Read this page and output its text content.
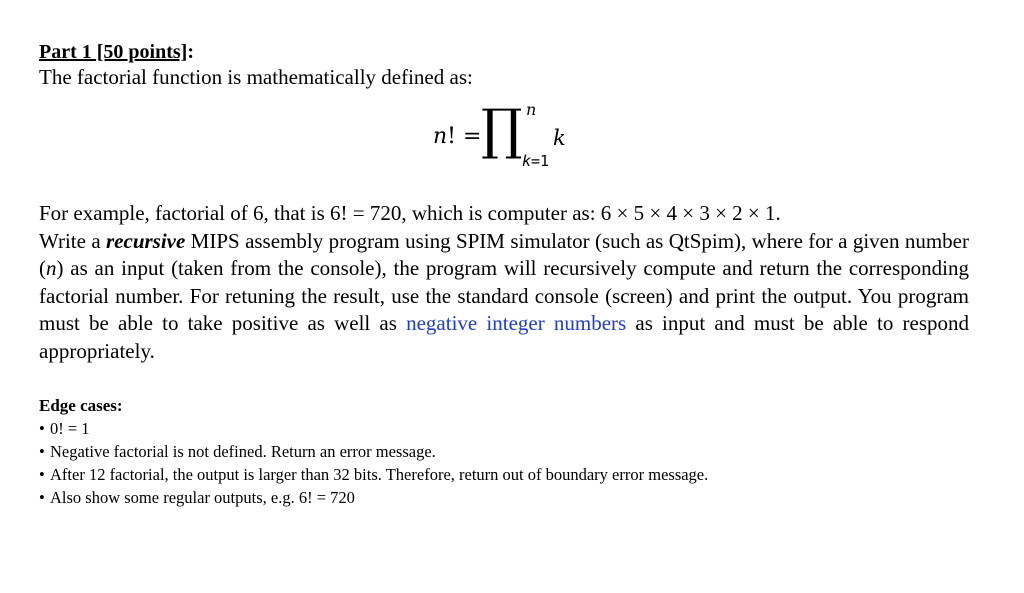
Part 1 [50 points]:

The factorial function is mathematically defined as:

n! = ∏ n
k=1
k

For example, factorial of 6, that is 6! = 720, which is computer as: 6 × 5 × 4 × 3 × 2 × 1.

Write a recursive MIPS assembly program using SPIM simulator (such as QtSpim), where for a given number (n) as an input (taken from the console), the program will recursively compute and return the corresponding factorial number. For retuning the result, use the standard console (screen) and print the output. You program must be able to take positive as well as negative integer numbers as input and must be able to respond appropriately.

Edge cases:
• 0! = 1
• Negative factorial is not defined. Return an error message.
• After 12 factorial, the output is larger than 32 bits. Therefore, return out of boundary error message.
• Also show some regular outputs, e.g. 6! = 720
